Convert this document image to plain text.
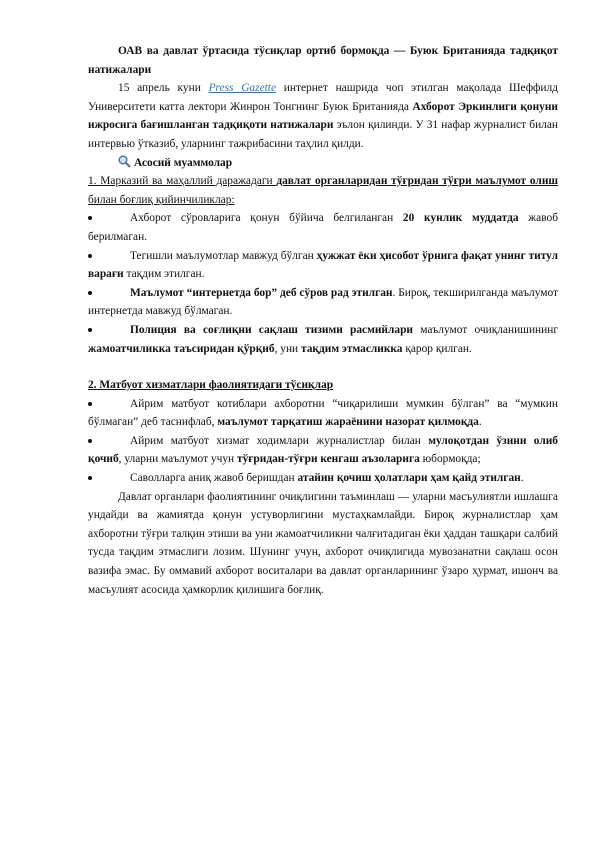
ОАВ ва давлат ўртасида тўсиқлар ортиб бормоқда — Буюк Британияда тадқиқот натижалари

15 апрель куни Press Gazette интернет нашрида чоп этилган мақолада Шеффилд Университети катта лектори Жинрон Тонгнинг Буюк Британияда Ахборот Эркинлиги қонуни ижросига бағишланган тадқиқоти натижалари эълон қилинди. У 31 нафар журналист билан интервью ўтказиб, уларнинг тажрибасини таҳлил қилди.

Асосий муаммолар

1. Марказий ва маҳаллий даражадаги давлат органларидан тўғридан тўғри маълумот олиш билан боғлиқ қийинчиликлар:

Ахборот сўровларига қонун бўйича белгиланган 20 кунлик муддатда жавоб берилмаган.
Тегишли маълумотлар мавжуд бўлган ҳужжат ёки ҳисобот ўрнига фақат унинг титул варағи тақдим этилган.
Маълумот “интернетда бор” деб сўров рад этилган. Бироқ, текширилганда маълумот интернетда мавжуд бўлмаган.
Полиция ва соғлиқни сақлаш тизими расмийлари маълумот очиқланишининг жамоатчиликка таъсиридан қўрқиб, уни тақдим этмасликка қарор қилган.

2. Матбуот хизматлари фаолиятидаги тўсиқлар

Айрим матбуот котиблари ахборотни “чиқарилиши мумкин бўлган” ва “мумкин бўлмаган” деб таснифлаб, маълумот тарқатиш жараёнини назорат қилмоқда.
Айрим матбуот хизмат ходимлари журналистлар билан мулоқотдан ўзини олиб қочиб, уларни маълумот учун тўғридан-тўғри кенгаш аъзоларига юбормоқда;
Саволларга аниқ жавоб беришдан атайин қочиш ҳолатлари ҳам қайд этилган.

Давлат органлари фаолиятининг очиқлигини таъминлаш — уларни масъулиятли ишлашга ундайди ва жамиятда қонун устуворлигини мустаҳкамлайди. Бироқ журналистлар ҳам ахборотни тўғри талқин этиши ва уни жамоатчиликни чалғитадиган ёки ҳаддан ташқари салбий тусда тақдим этмаслиги лозим. Шунинг учун, ахборот очиқлигида мувозанатни сақлаш осон вазифа эмас. Бу оммавий ахборот воситалари ва давлат органларининг ўзаро ҳурмат, ишонч ва масъулият асосида ҳамкорлик қилишига боғлиқ.
